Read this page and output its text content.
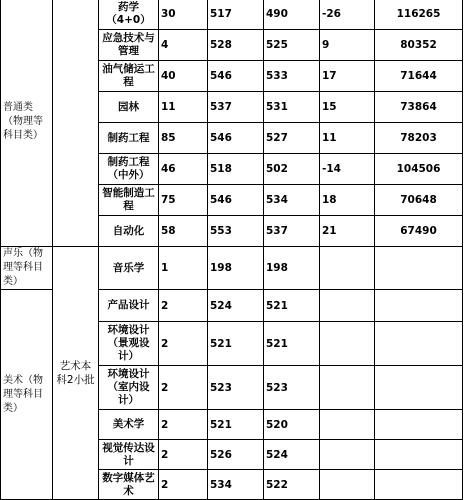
普通类（物理等科目类）		药学（4+0）	30	517	490	-26	116265
		应急技术与管理	4	528	525	9	80352
		油气储运工程	40	546	533	17	71644
		园林	11	537	531	15	73864
		制药工程	85	546	527	11	78203
		制药工程（中外）	46	518	502	-14	104506
		智能制造工程	75	546	534	18	70648
		自动化	58	553	537	21	67490
声乐（物理等科目类）	艺术本科2小批	音乐学	1	198	198		
美术（物理等科目类）		产品设计	2	524	521		
		环境设计（景观设计）	2	521	521		
		环境设计（室内设计）	2	523	523		
		美术学	2	521	520		
		视觉传达设计	2	526	524		
		数字媒体艺术	2	534	522		
